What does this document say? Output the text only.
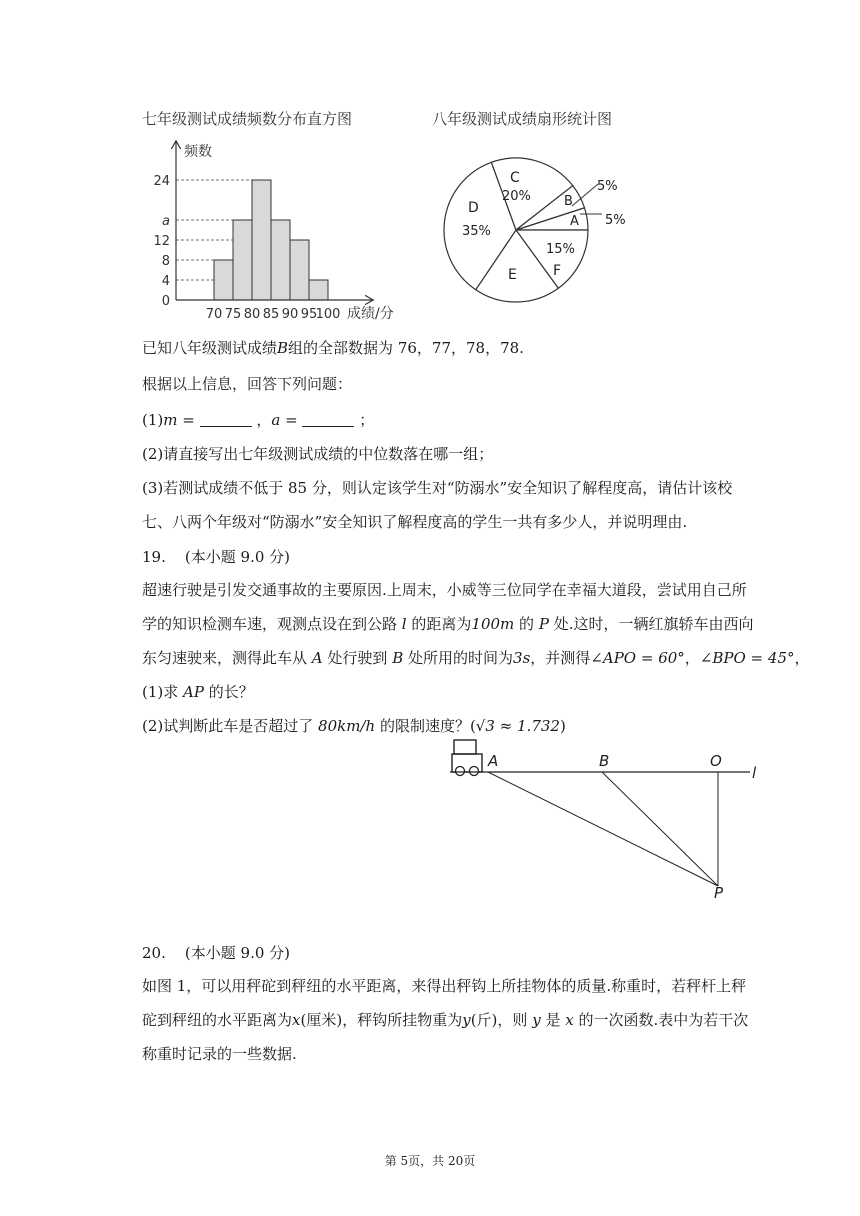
七年级测试成绩频数分布直方图	八年级测试成绩扇形统计图
频数
成绩/分
24
a
12
8
4
0
70 75 80 85 90 95
100
C
20%
D
35%
E	F
15%
B
A
5%
5%
已知八年级测试成绩B组的全部数据为 76，77，78，78.
根据以上信息，回答下列问题：
(1)m =	，a =	；
(2)请直接写出七年级测试成绩的中位数落在哪一组；
(3)若测试成绩不低于 85 分，则认定该学生对“防溺水”安全知识了解程度高，请估计该校
七、八两个年级对“防溺水”安全知识了解程度高的学生一共有多少人，并说明理由.
19.    (本小题 9.0 分)
超速行驶是引发交通事故的主要原因.上周末，小威等三位同学在幸福大道段，尝试用自己所
学的知识检测车速，观测点设在到公路 l 的距离为100m 的 P 处.这时，一辆红旗轿车由西向
东匀速驶来，测得此车从 A 处行驶到 B 处所用的时间为3s，并测得∠APO = 60°，∠BPO = 45°，
(1)求 AP 的长？
(2)试判断此车是否超过了 80km/h 的限制速度？(√3 ≈ 1.732)
A	B	O
l
P
20.    (本小题 9.0 分)
如图 1，可以用秤砣到秤纽的水平距离，来得出秤钩上所挂物体的质量.称重时，若秤杆上秤
砣到秤纽的水平距离为x(厘米)，秤钩所挂物重为y(斤)，则 y 是 x 的一次函数.表中为若干次
称重时记录的一些数据.
第 5页，共 20页
